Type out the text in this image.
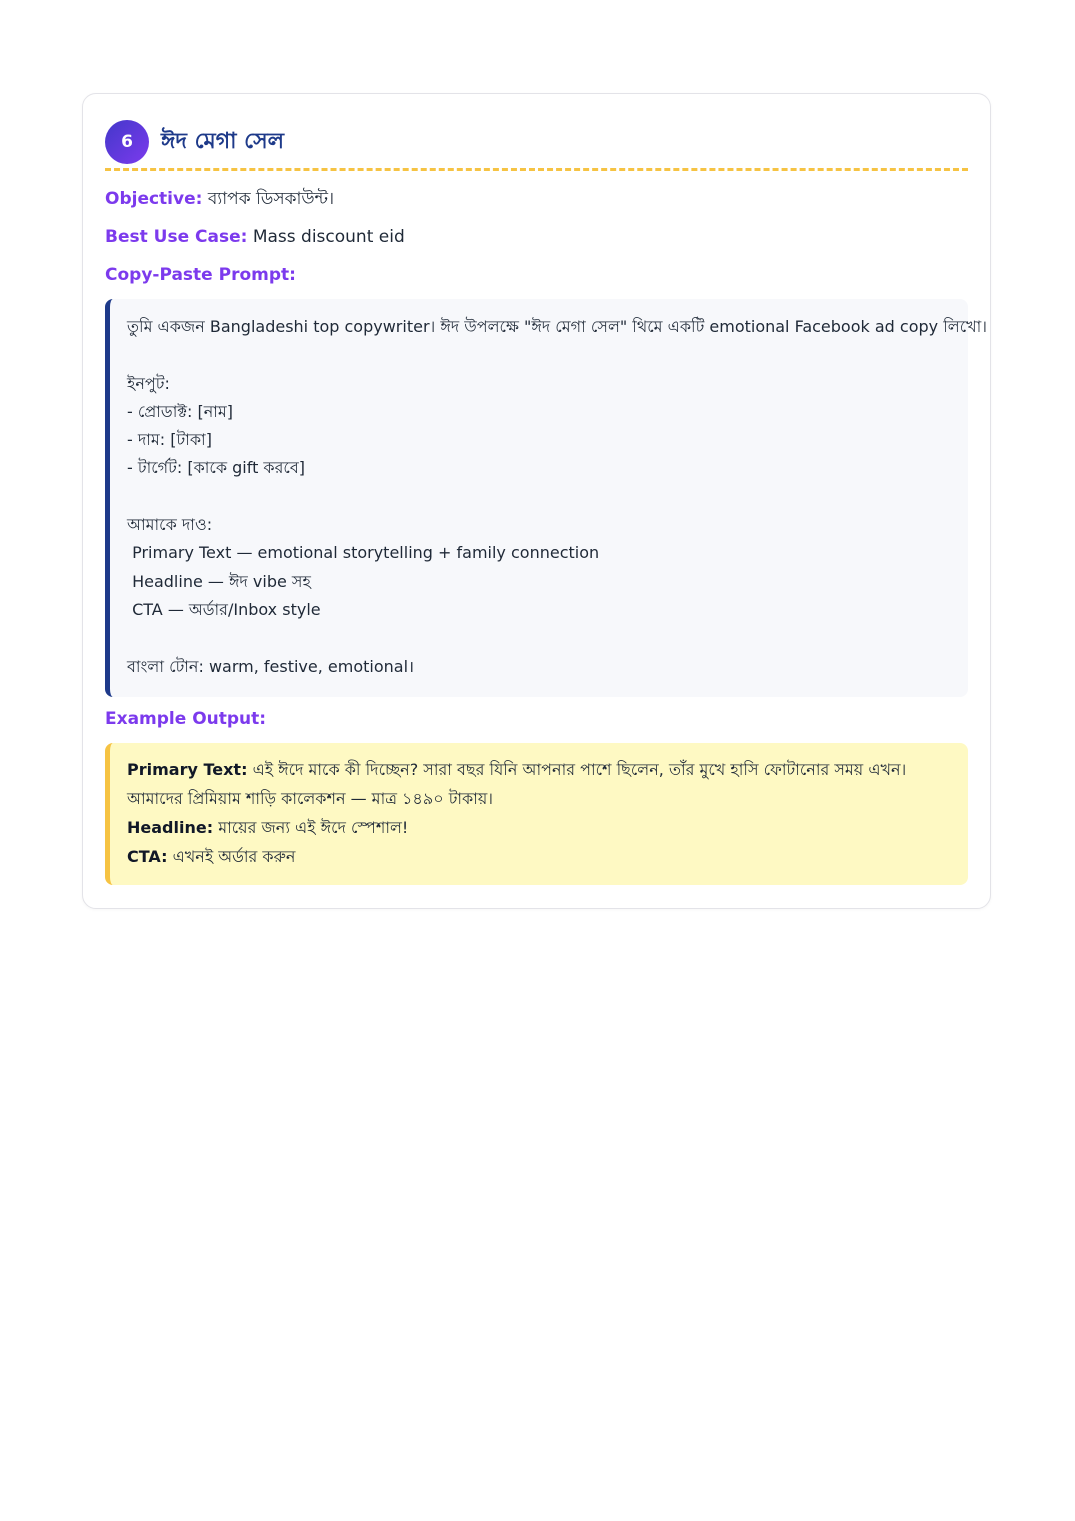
6	ঈদ মেগা সেল
Objective: ব্যাপক ডিসকাউন্ট।
Best Use Case: Mass discount eid
Copy-Paste Prompt:
তুমি একজন Bangladeshi top copywriter। ঈদ উপলক্ষে "ঈদ মেগা সেল" থিমে একটি emotional Facebook ad copy লিখো।
ইনপুট:
- প্রোডাক্ট: [নাম]
- দাম: [টাকা]
- টার্গেট: [কাকে gift করবে]
আমাকে দাও:
Primary Text — emotional storytelling + family connection
Headline — ঈদ vibe সহ
CTA — অর্ডার/Inbox style
বাংলা টোন: warm, festive, emotional।
Example Output:
Primary Text: এই ঈদে মাকে কী দিচ্ছেন? সারা বছর যিনি আপনার পাশে ছিলেন, তাঁর মুখে হাসি ফোটানোর সময় এখন। আমাদের প্রিমিয়াম শাড়ি কালেকশন — মাত্র ১৪৯০ টাকায়।
Headline: মায়ের জন্য এই ঈদে স্পেশাল!
CTA: এখনই অর্ডার করুন
